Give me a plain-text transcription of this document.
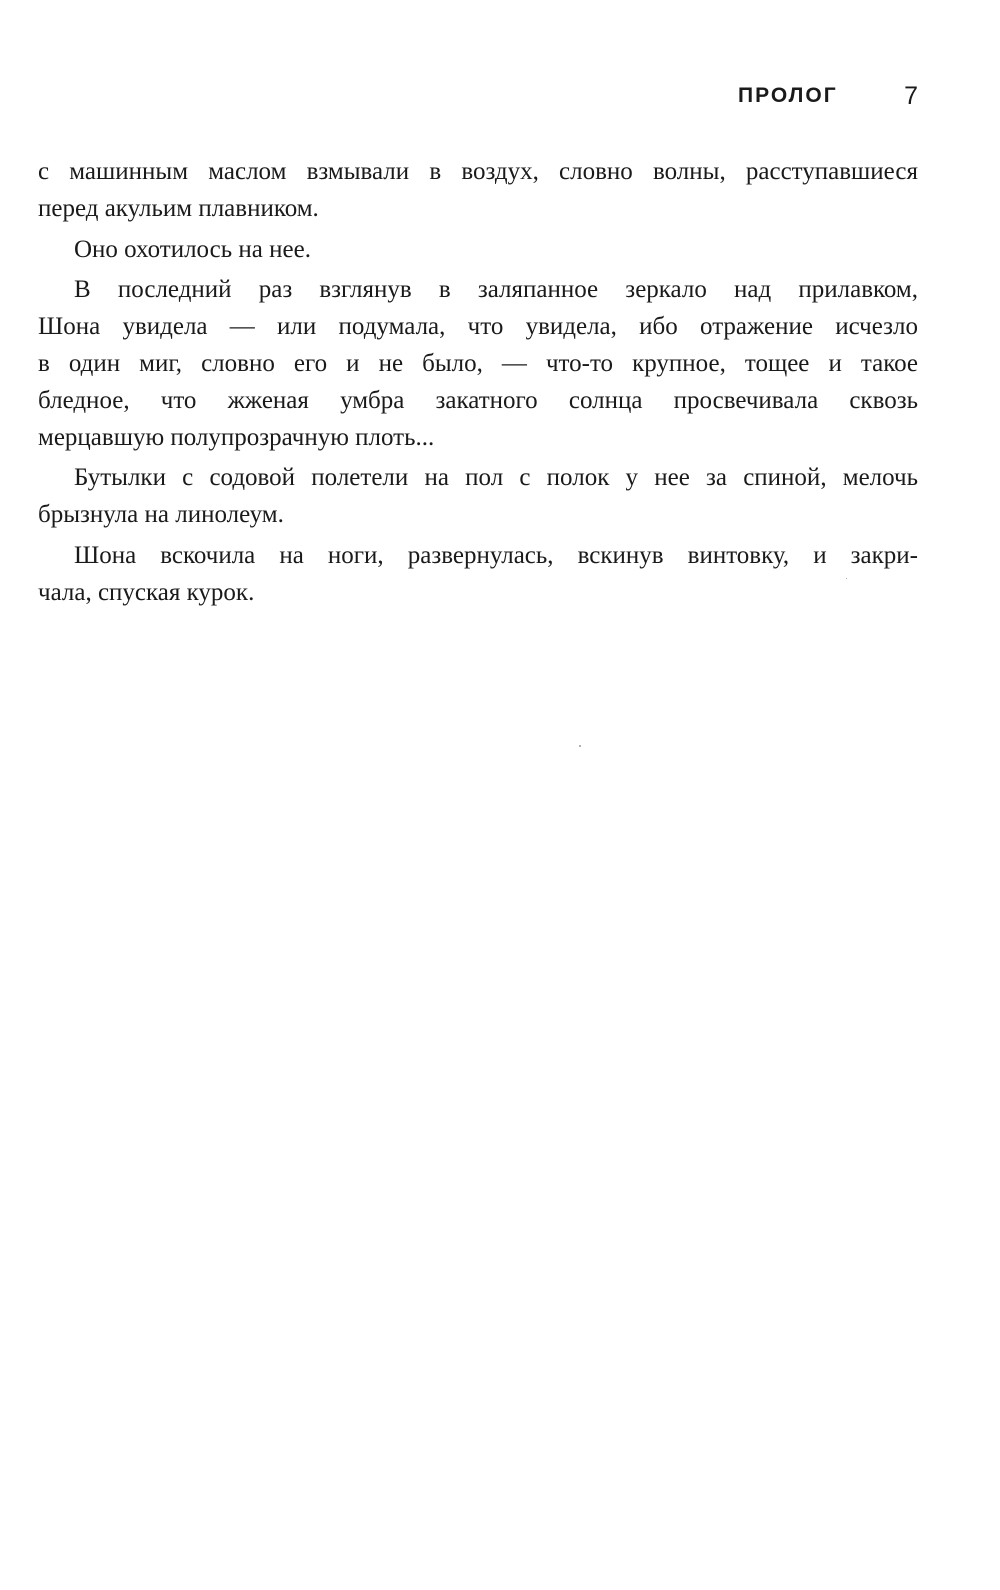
ПРОЛОГ	7
с машинным маслом взмывали в воздух, словно волны, расступавшиеся
перед акульим плавником.
Оно охотилось на нее.
В последний раз взглянув в заляпанное зеркало над прилавком,
Шона увидела — или подумала, что увидела, ибо отражение исчезло
в один миг, словно его и не было, — что-то крупное, тощее и такое
бледное, что жженая умбра закатного солнца просвечивала сквозь
мерцавшую полупрозрачную плоть...
Бутылки с содовой полетели на пол с полок у нее за спиной, мелочь
брызнула на линолеум.
Шона вскочила на ноги, развернулась, вскинув винтовку, и закри-
чала, спуская курок.
